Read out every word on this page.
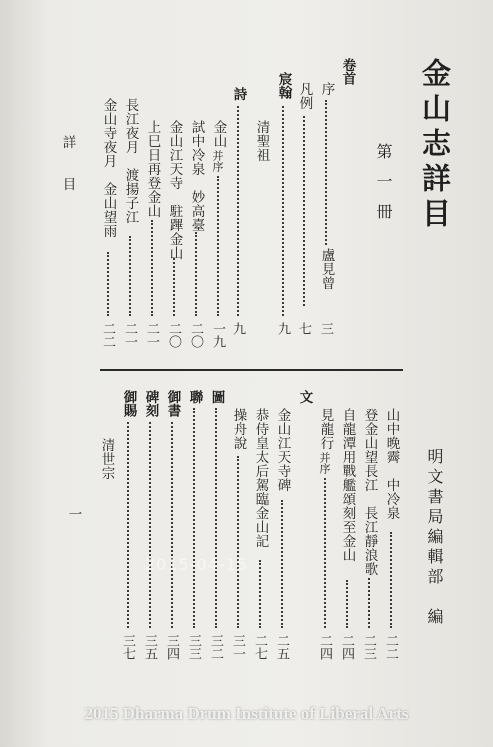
金山志詳目
第一冊
明文書局編輯部　編
詳　　目
一
卷首
序
盧見曾
三
凡例
七
宸翰
清聖祖
九
詩
九
金山
并序
一九
試中冷泉　妙高臺
二〇
金山江天寺　駐蹕金山
二〇
上巳日再登金山
二一
長江夜月　渡揚子江
二一
金山寺夜月　金山望雨
二二
山中晚霽　中冷泉
二二
登金山望長江　長江靜浪歌
二三
自龍潭用戰艦頌刻至金山
二四
見龍行
并序
二四
文
金山江天寺碑
二五
恭侍皇太后駕臨金山記
二七
操舟說
三一
圖
三二
聯
三三
御書
三四
碑刻
三五
御賜
清世宗
三七
2015-04-15
2015 Dharma Drum Institute of Liberal Arts
